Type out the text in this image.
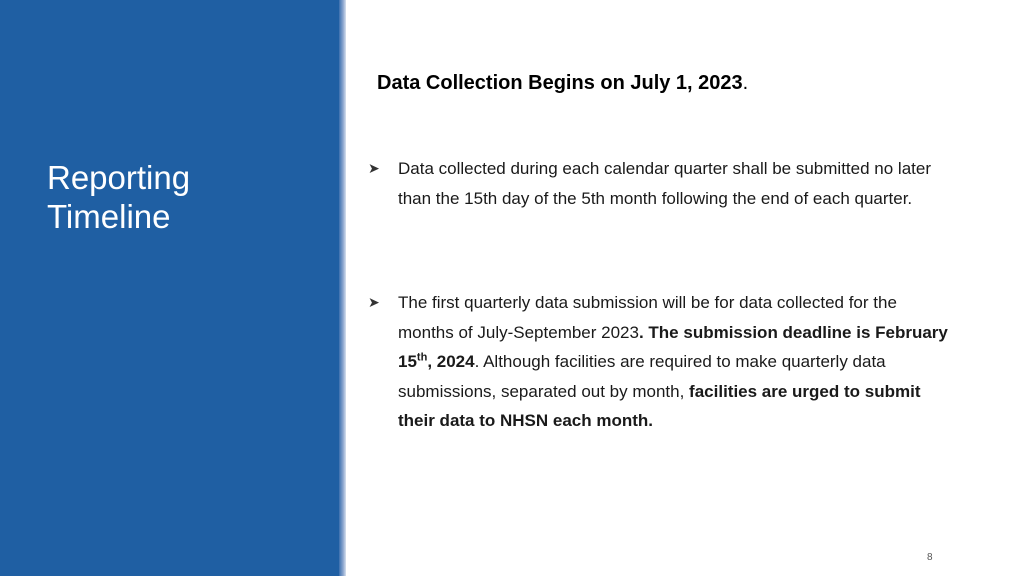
Reporting
Timeline
Data Collection Begins on July 1, 2023.
➤ Data collected during each calendar quarter shall be submitted no later than the 15th day of the 5th month following the end of each quarter.
➤ The first quarterly data submission will be for data collected for the months of July-September 2023. The submission deadline is February 15th, 2024. Although facilities are required to make quarterly data submissions, separated out by month, facilities are urged to submit their data to NHSN each month.
8
